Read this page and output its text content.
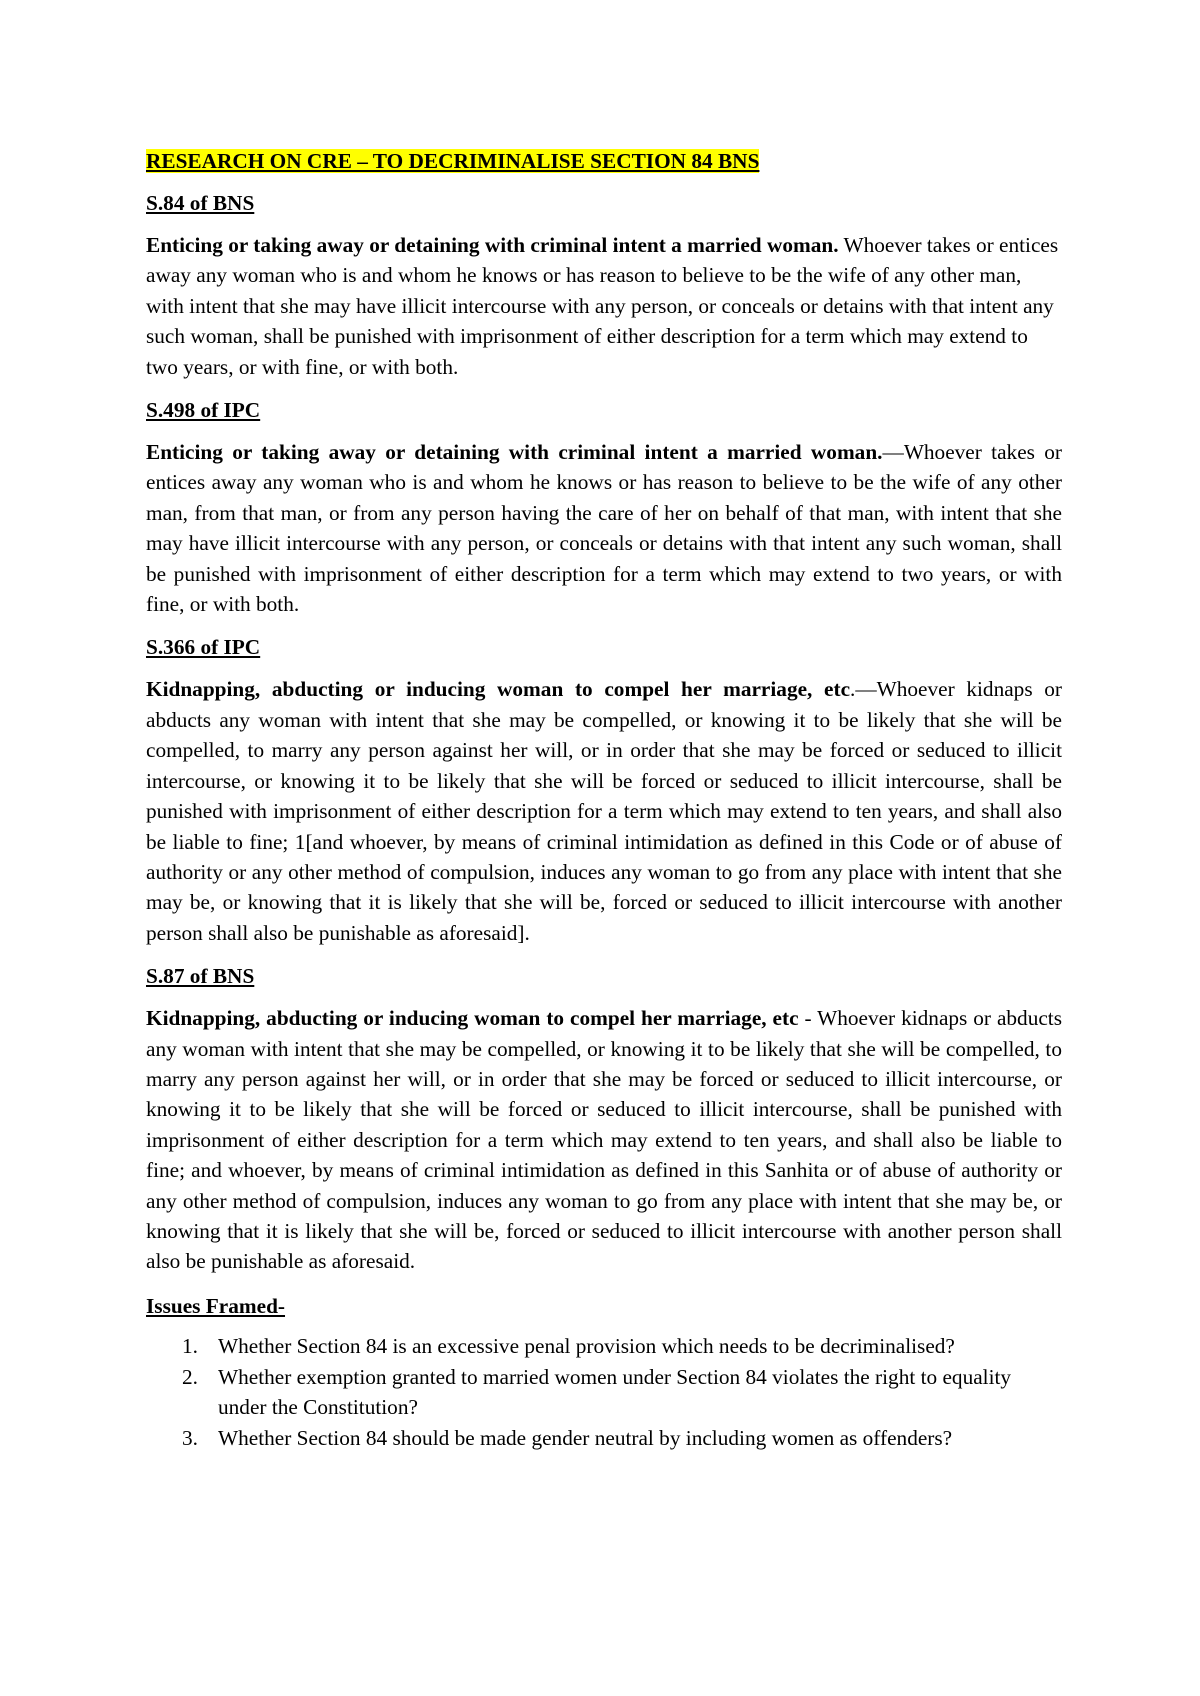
RESEARCH ON CRE – TO DECRIMINALISE SECTION 84 BNS

S.84 of BNS

Enticing or taking away or detaining with criminal intent a married woman. Whoever takes or entices away any woman who is and whom he knows or has reason to believe to be the wife of any other man, with intent that she may have illicit intercourse with any person, or conceals or detains with that intent any such woman, shall be punished with imprisonment of either description for a term which may extend to two years, or with fine, or with both.

S.498 of IPC

Enticing or taking away or detaining with criminal intent a married woman.—Whoever takes or entices away any woman who is and whom he knows or has reason to believe to be the wife of any other man, from that man, or from any person having the care of her on behalf of that man, with intent that she may have illicit intercourse with any person, or conceals or detains with that intent any such woman, shall be punished with imprisonment of either description for a term which may extend to two years, or with fine, or with both.

S.366 of IPC

Kidnapping, abducting or inducing woman to compel her marriage, etc.—Whoever kidnaps or abducts any woman with intent that she may be compelled, or knowing it to be likely that she will be compelled, to marry any person against her will, or in order that she may be forced or seduced to illicit intercourse, or knowing it to be likely that she will be forced or seduced to illicit intercourse, shall be punished with imprisonment of either description for a term which may extend to ten years, and shall also be liable to fine; 1[and whoever, by means of criminal intimidation as defined in this Code or of abuse of authority or any other method of compulsion, induces any woman to go from any place with intent that she may be, or knowing that it is likely that she will be, forced or seduced to illicit intercourse with another person shall also be punishable as aforesaid].

S.87 of BNS

Kidnapping, abducting or inducing woman to compel her marriage, etc - Whoever kidnaps or abducts any woman with intent that she may be compelled, or knowing it to be likely that she will be compelled, to marry any person against her will, or in order that she may be forced or seduced to illicit intercourse, or knowing it to be likely that she will be forced or seduced to illicit intercourse, shall be punished with imprisonment of either description for a term which may extend to ten years, and shall also be liable to fine; and whoever, by means of criminal intimidation as defined in this Sanhita or of abuse of authority or any other method of compulsion, induces any woman to go from any place with intent that she may be, or knowing that it is likely that she will be, forced or seduced to illicit intercourse with another person shall also be punishable as aforesaid.

Issues Framed-

1. Whether Section 84 is an excessive penal provision which needs to be decriminalised?
2. Whether exemption granted to married women under Section 84 violates the right to equality under the Constitution?
3. Whether Section 84 should be made gender neutral by including women as offenders?
